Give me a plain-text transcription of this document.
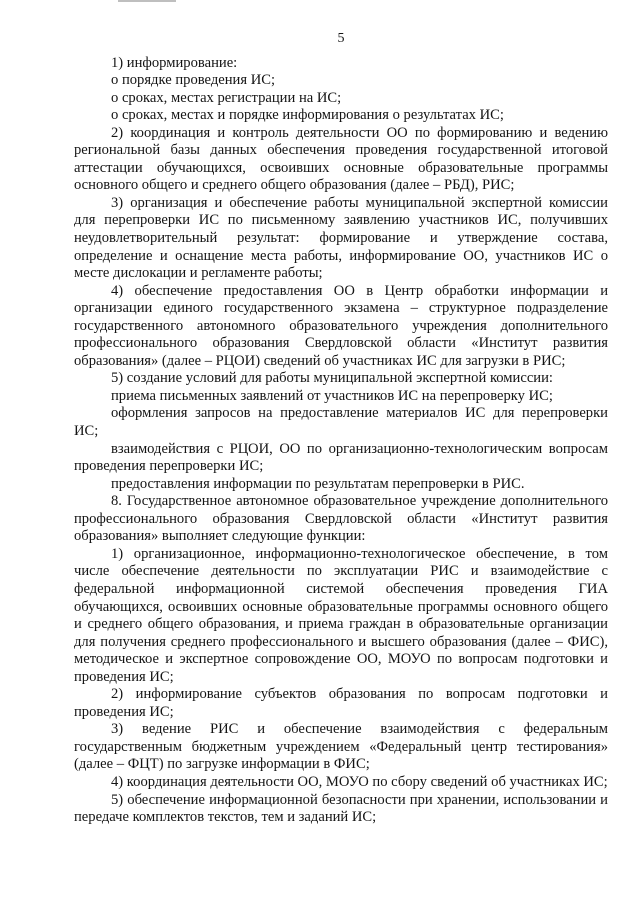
5

1) информирование:

о порядке проведения ИС;

о сроках, местах регистрации на ИС;

о сроках, местах и порядке информирования о результатах ИС;

2) координация и контроль деятельности ОО по формированию и ведению региональной базы данных обеспечения проведения государственной итоговой аттестации обучающихся, освоивших основные образовательные программы основного общего и среднего общего образования (далее – РБД), РИС;

3) организация и обеспечение работы муниципальной экспертной комиссии для перепроверки ИС по письменному заявлению участников ИС, получивших неудовлетворительный результат: формирование и утверждение состава, определение и оснащение места работы, информирование ОО, участников ИС о месте дислокации и регламенте работы;

4) обеспечение предоставления ОО в Центр обработки информации и организации единого государственного экзамена – структурное подразделение государственного автономного образовательного учреждения дополнительного профессионального образования Свердловской области «Институт развития образования» (далее – РЦОИ) сведений об участниках ИС для загрузки в РИС;

5) создание условий для работы муниципальной экспертной комиссии:

приема письменных заявлений от участников ИС на перепроверку ИС;

оформления запросов на предоставление материалов ИС для перепроверки ИС;

взаимодействия с РЦОИ, ОО по организационно-технологическим вопросам проведения перепроверки ИС;

предоставления информации по результатам перепроверки в РИС.

8. Государственное автономное образовательное учреждение дополнительного профессионального образования Свердловской области «Институт развития образования» выполняет следующие функции:

1) организационное, информационно-технологическое обеспечение, в том числе обеспечение деятельности по эксплуатации РИС и взаимодействие с федеральной информационной системой обеспечения проведения ГИА обучающихся, освоивших основные образовательные программы основного общего и среднего общего образования, и приема граждан в образовательные организации для получения среднего профессионального и высшего образования (далее – ФИС), методическое и экспертное сопровождение ОО, МОУО по вопросам подготовки и проведения ИС;

2) информирование субъектов образования по вопросам подготовки и проведения ИС;

3) ведение РИС и обеспечение взаимодействия с федеральным государственным бюджетным учреждением «Федеральный центр тестирования» (далее – ФЦТ) по загрузке информации в ФИС;

4) координация деятельности ОО, МОУО по сбору сведений об участниках ИС;

5) обеспечение информационной безопасности при хранении, использовании и передаче комплектов текстов, тем и заданий ИС;
